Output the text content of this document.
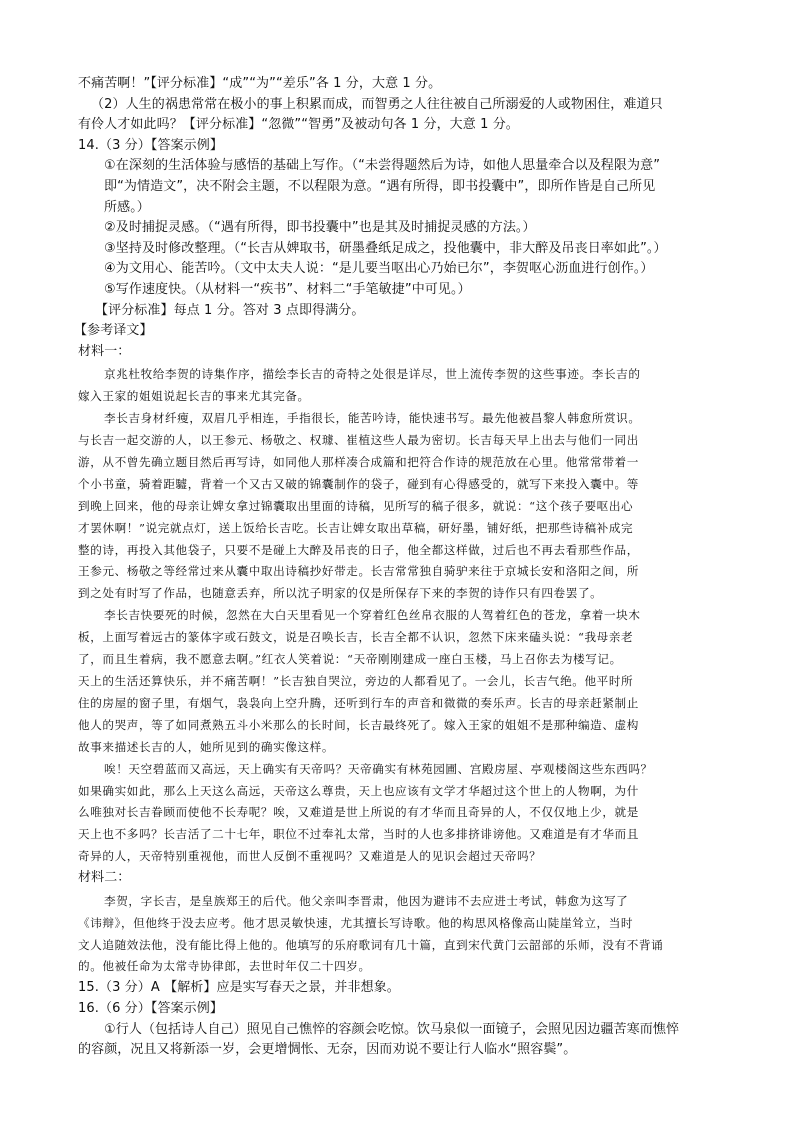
不痛苦啊！”【评分标准】“成”“为”“差乐”各 1 分，大意 1 分。
（2）人生的祸患常常在极小的事上积累而成，而智勇之人往往被自己所溺爱的人或物困住，难道只
有伶人才如此吗？【评分标准】“忽微”“智勇”及被动句各 1 分，大意 1 分。
14.（3 分）【答案示例】
①在深刻的生活体验与感悟的基础上写作。（“未尝得题然后为诗，如他人思量牵合以及程限为意”
即“为情造文”，决不附会主题，不以程限为意。“遇有所得，即书投囊中”，即所作皆是自己所见
所感。）
②及时捕捉灵感。（“遇有所得，即书投囊中”也是其及时捕捉灵感的方法。）
③坚持及时修改整理。（“长吉从婢取书，研墨叠纸足成之，投他囊中，非大醉及吊丧日率如此”。）
④为文用心、能苦吟。（文中太夫人说：“是儿要当呕出心乃始已尔”，李贺呕心沥血进行创作。）
⑤写作速度快。（从材料一“疾书”、材料二“手笔敏捷”中可见。）
【评分标准】每点 1 分。答对 3 点即得满分。
【参考译文】
材料一：
京兆杜牧给李贺的诗集作序，描绘李长吉的奇特之处很是详尽，世上流传李贺的这些事迹。李长吉的
嫁入王家的姐姐说起长吉的事来尤其完备。
李长吉身材纤瘦，双眉几乎相连，手指很长，能苦吟诗，能快速书写。最先他被昌黎人韩愈所赏识。
与长吉一起交游的人，以王参元、杨敬之、权璩、崔植这些人最为密切。长吉每天早上出去与他们一同出
游，从不曾先确立题目然后再写诗，如同他人那样凑合成篇和把符合作诗的规范放在心里。他常常带着一
个小书童，骑着距驉，背着一个又古又破的锦囊制作的袋子，碰到有心得感受的，就写下来投入囊中。等
到晚上回来，他的母亲让婢女拿过锦囊取出里面的诗稿，见所写的稿子很多，就说：“这个孩子要呕出心
才罢休啊！”说完就点灯，送上饭给长吉吃。长吉让婢女取出草稿，研好墨，铺好纸，把那些诗稿补成完
整的诗，再投入其他袋子，只要不是碰上大醉及吊丧的日子，他全都这样做，过后也不再去看那些作品，
王参元、杨敬之等经常过来从囊中取出诗稿抄好带走。长吉常常独自骑驴来往于京城长安和洛阳之间，所
到之处有时写了作品，也随意丢弃，所以沈子明家的仅是所保存下来的李贺的诗作只有四卷罢了。
李长吉快要死的时候，忽然在大白天里看见一个穿着红色丝帛衣服的人驾着红色的苍龙，拿着一块木
板，上面写着远古的篆体字或石鼓文，说是召唤长吉，长吉全都不认识，忽然下床来磕头说：“我母亲老
了，而且生着病，我不愿意去啊。”红衣人笑着说：“天帝刚刚建成一座白玉楼，马上召你去为楼写记。
天上的生活还算快乐，并不痛苦啊！”长吉独自哭泣，旁边的人都看见了。一会儿，长吉气绝。他平时所
住的房屋的窗子里，有烟气，袅袅向上空升腾，还听到行车的声音和微微的奏乐声。长吉的母亲赶紧制止
他人的哭声，等了如同煮熟五斗小米那么的长时间，长吉最终死了。嫁入王家的姐姐不是那种编造、虚构
故事来描述长吉的人，她所见到的确实像这样。
唉！天空碧蓝而又高远，天上确实有天帝吗？天帝确实有林苑园圃、宫殿房屋、亭观楼阁这些东西吗？
如果确实如此，那么上天这么高远，天帝这么尊贵，天上也应该有文学才华超过这个世上的人物啊，为什
么唯独对长吉眷顾而使他不长寿呢？唉，又难道是世上所说的有才华而且奇异的人，不仅仅地上少，就是
天上也不多吗？长吉活了二十七年，职位不过奉礼太常，当时的人也多排挤诽谤他。又难道是有才华而且
奇异的人，天帝特别重视他，而世人反倒不重视吗？又难道是人的见识会超过天帝吗？
材料二：
李贺，字长吉，是皇族郑王的后代。他父亲叫李晋肃，他因为避讳不去应进士考试，韩愈为这写了
《讳辩》，但他终于没去应考。他才思灵敏快速，尤其擅长写诗歌。他的构思风格像高山陡崖耸立，当时
文人追随效法他，没有能比得上他的。他填写的乐府歌词有几十篇，直到宋代黄门云韶部的乐师，没有不背诵
的。他被任命为太常寺协律郎，去世时年仅二十四岁。
15.（3 分）A 【解析】应是实写春天之景，并非想象。
16.（6 分）【答案示例】
①行人（包括诗人自己）照见自己憔悴的容颜会吃惊。饮马泉似一面镜子，会照见因边疆苦寒而憔悴
的容颜，况且又将新添一岁，会更增惆怅、无奈，因而劝说不要让行人临水“照容鬓”。
